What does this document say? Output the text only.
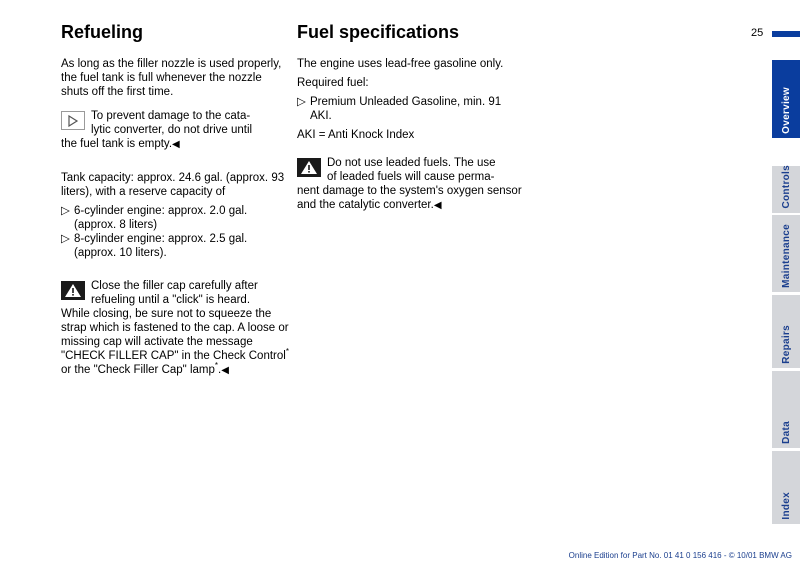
Refueling

As long as the filler nozzle is used properly, the fuel tank is full whenever the nozzle shuts off the first time.

To prevent damage to the cata-

lytic converter, do not drive until

the fuel tank is empty.◀

Tank capacity: approx. 24.6 gal. (approx. 93 liters), with a reserve capacity of

▷ 6-cylinder engine: approx. 2.0 gal. (approx. 8 liters)
▷ 8-cylinder engine: approx. 2.5 gal. (approx. 10 liters).

Close the filler cap carefully after

refueling until a "click" is heard.

While closing, be sure not to squeeze the strap which is fastened to the cap. A loose or missing cap will activate the message "CHECK FILLER CAP" in the Check Control* or the "Check Filler Cap" lamp*.◀

Fuel specifications

The engine uses lead-free gasoline only.

Required fuel:

▷ Premium Unleaded Gasoline, min. 91 AKI.

AKI = Anti Knock Index

Do not use leaded fuels. The use

of leaded fuels will cause perma-

nent damage to the system's oxygen sensor and the catalytic converter.◀

25
Overview
Controls
Maintenance
Repairs
Data
Index
Online Edition for Part No. 01 41 0 156 416 - © 10/01 BMW AG
